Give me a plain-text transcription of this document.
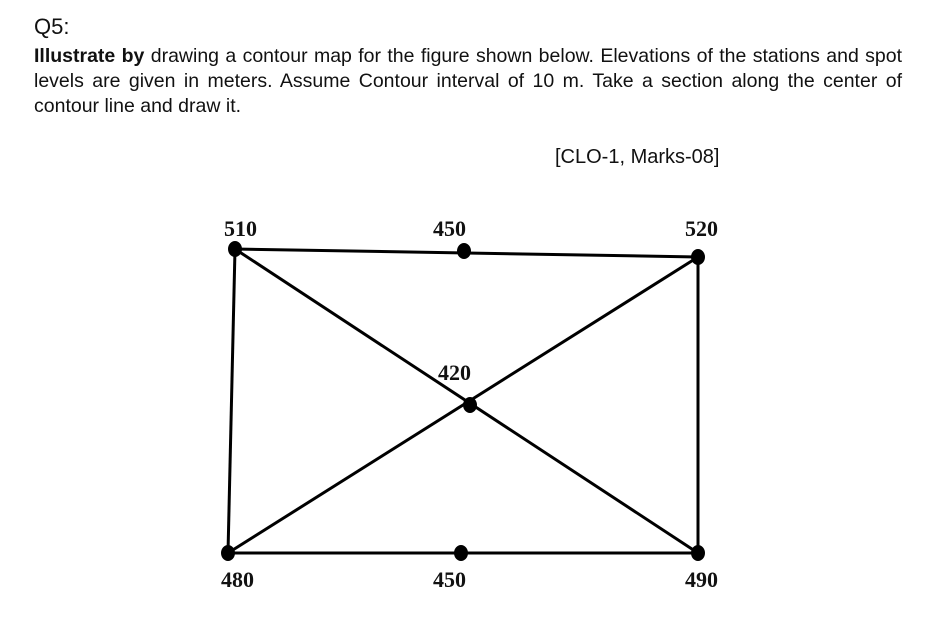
Q5:
Illustrate by drawing a contour map for the figure shown below. Elevations of the stations and spot levels are given in meters. Assume Contour interval of 10 m. Take a section along the center of contour line and draw it.
[CLO-1, Marks-08]
510	450	520
420
480	450	490
